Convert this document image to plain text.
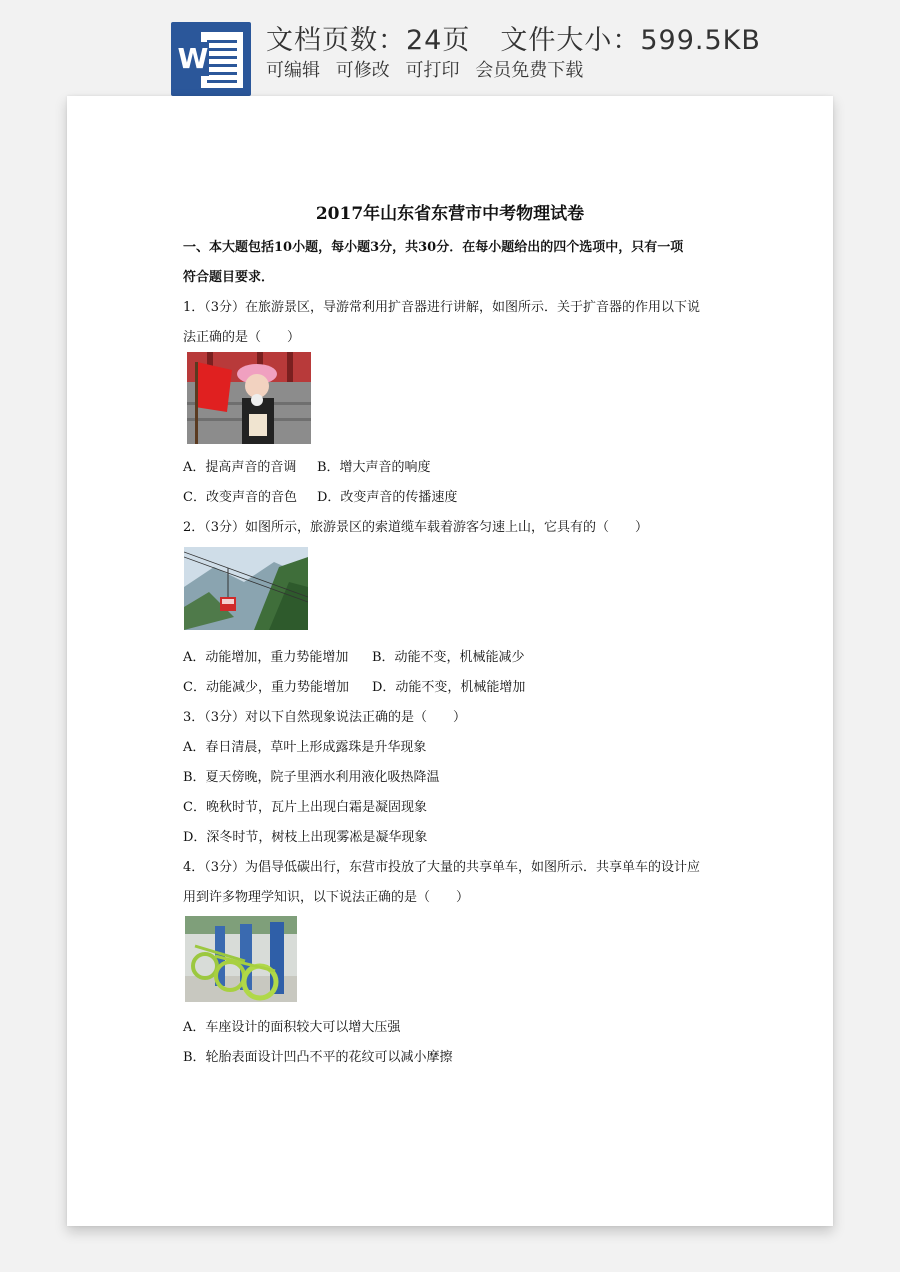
W
文档页数：24页 文件大小：599.5KB
可编辑 可修改 可打印 会员免费下载
2017年山东省东营市中考物理试卷
一、本大题包括10小题，每小题3分，共30分．在每小题给出的四个选项中，只有一项
符合题目要求．
1．（3分）在旅游景区，导游常利用扩音器进行讲解，如图所示．关于扩音器的作用以下说
法正确的是（　　）
A．提高声音的音调 B．增大声音的响度
C．改变声音的音色 D．改变声音的传播速度
2．（3分）如图所示，旅游景区的索道缆车载着游客匀速上山，它具有的（　　）
A．动能增加，重力势能增加 B．动能不变，机械能减少
C．动能减少，重力势能增加 D．动能不变，机械能增加
3．（3分）对以下自然现象说法正确的是（　　）
A．春日清晨，草叶上形成露珠是升华现象
B．夏天傍晚，院子里洒水利用液化吸热降温
C．晚秋时节，瓦片上出现白霜是凝固现象
D．深冬时节，树枝上出现雾凇是凝华现象
4．（3分）为倡导低碳出行，东营市投放了大量的共享单车，如图所示．共享单车的设计应
用到许多物理学知识，以下说法正确的是（　　）
A．车座设计的面积较大可以增大压强
B．轮胎表面设计凹凸不平的花纹可以减小摩擦
